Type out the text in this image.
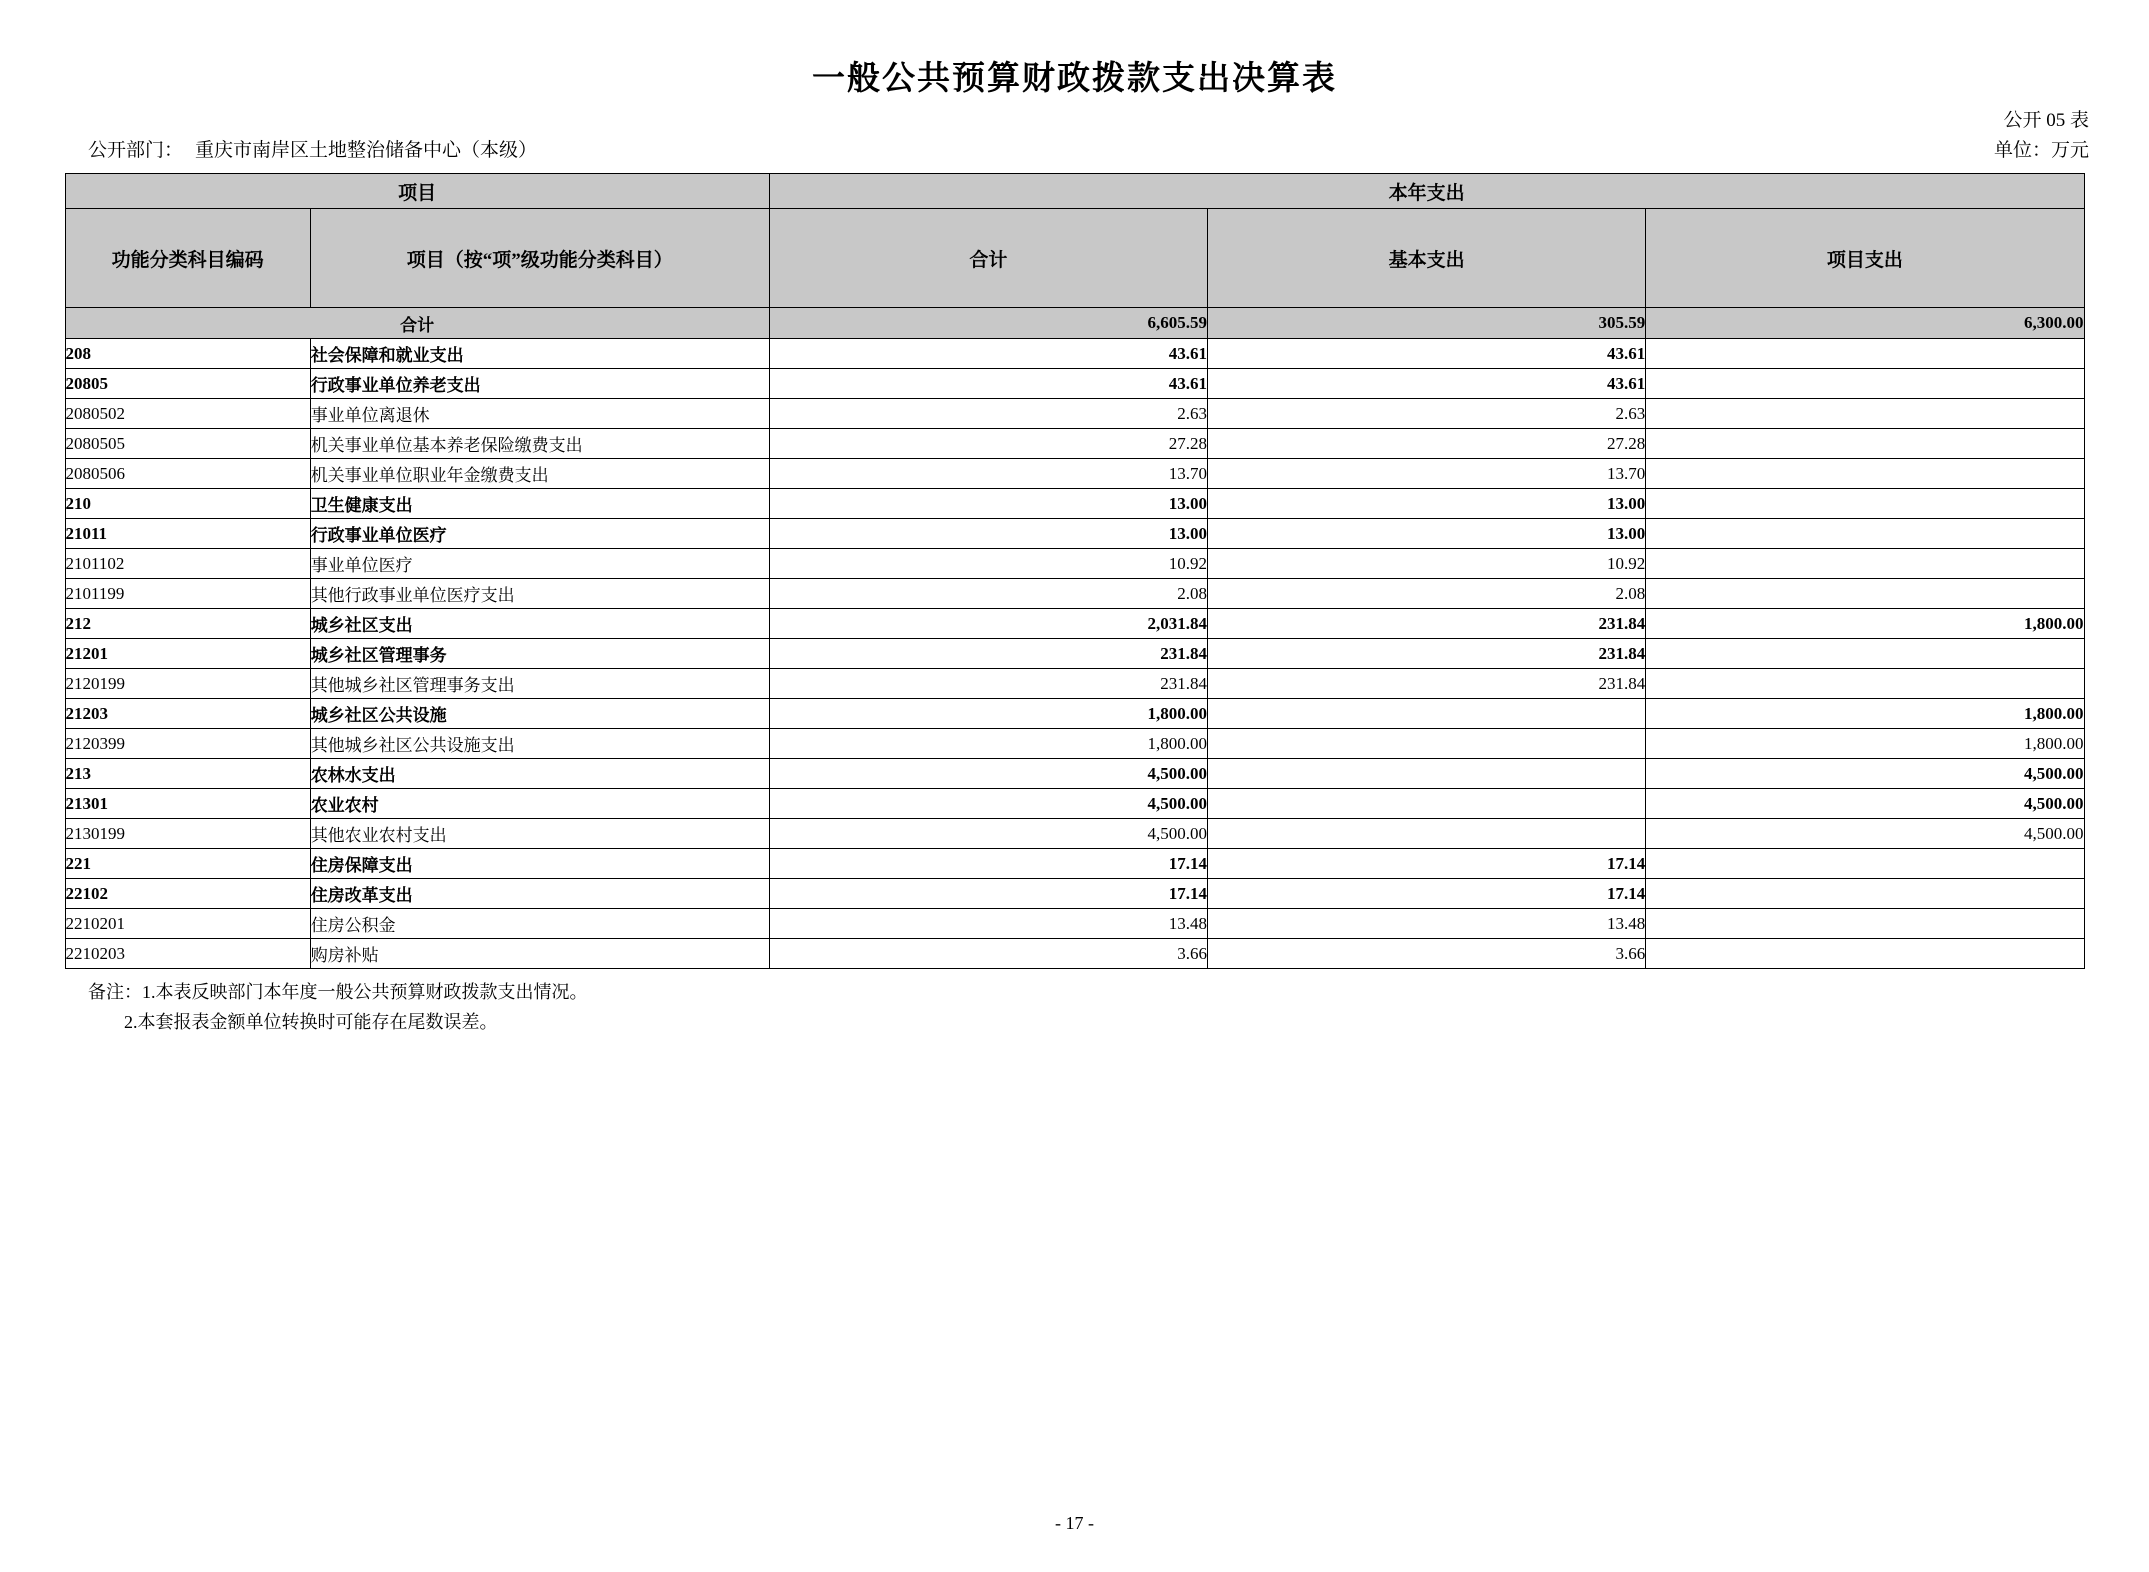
一般公共预算财政拨款支出决算表
公开 05 表
单位：万元
公开部门： 重庆市南岸区土地整治储备中心（本级）
项目		本年支出		
功能分类科目编码	项目（按“项”级功能分类科目）	合计	基本支出	项目支出
合计		6,605.59	305.59	6,300.00
208	社会保障和就业支出	43.61	43.61	
20805	行政事业单位养老支出	43.61	43.61	
2080502	事业单位离退休	2.63	2.63	
2080505	机关事业单位基本养老保险缴费支出	27.28	27.28	
2080506	机关事业单位职业年金缴费支出	13.70	13.70	
210	卫生健康支出	13.00	13.00	
21011	行政事业单位医疗	13.00	13.00	
2101102	事业单位医疗	10.92	10.92	
2101199	其他行政事业单位医疗支出	2.08	2.08	
212	城乡社区支出	2,031.84	231.84	1,800.00
21201	城乡社区管理事务	231.84	231.84	
2120199	其他城乡社区管理事务支出	231.84	231.84	
21203	城乡社区公共设施	1,800.00		1,800.00
2120399	其他城乡社区公共设施支出	1,800.00		1,800.00
213	农林水支出	4,500.00		4,500.00
21301	农业农村	4,500.00		4,500.00
2130199	其他农业农村支出	4,500.00		4,500.00
221	住房保障支出	17.14	17.14	
22102	住房改革支出	17.14	17.14	
2210201	住房公积金	13.48	13.48	
2210203	购房补贴	3.66	3.66	
备注：1.本表反映部门本年度一般公共预算财政拨款支出情况。
2.本套报表金额单位转换时可能存在尾数误差。
- 17 -
